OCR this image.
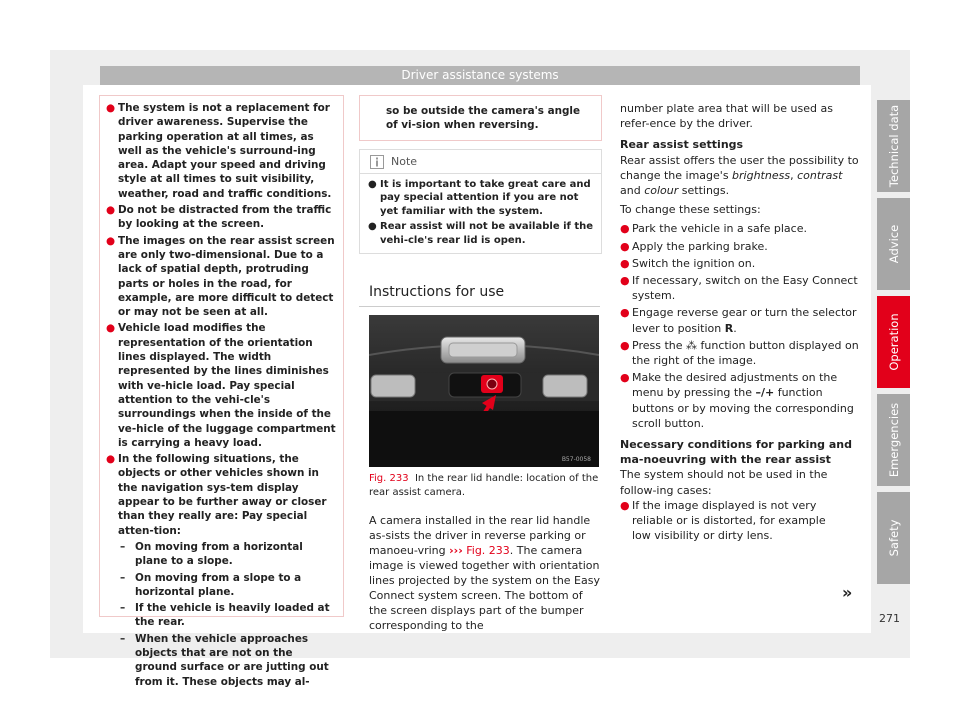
Driver assistance systems
● The system is not a replacement for driver awareness. Supervise the parking operation at all times, as well as the vehicle's surround-ing area. Adapt your speed and driving style at all times to suit visibility, weather, road and traffic conditions.
● Do not be distracted from the traffic by looking at the screen.
● The images on the rear assist screen are only two-dimensional. Due to a lack of spatial depth, protruding parts or holes in the road, for example, are more difficult to detect or may not be seen at all.
● Vehicle load modifies the representation of the orientation lines displayed. The width represented by the lines diminishes with ve-hicle load. Pay special attention to the vehi-cle's surroundings when the inside of the ve-hicle of the luggage compartment is carrying a heavy load.
● In the following situations, the objects or other vehicles shown in the navigation sys-tem display appear to be further away or closer than they really are: Pay special atten-tion:
– On moving from a horizontal plane to a slope.
– On moving from a slope to a horizontal plane.
– If the vehicle is heavily loaded at the rear.
– When the vehicle approaches objects that are not on the ground surface or are jutting out from it. These objects may al-
so be outside the camera's angle of vi-sion when reversing.
Note
● It is important to take great care and pay special attention if you are not yet familiar with the system.
● Rear assist will not be available if the vehi-cle's rear lid is open.
Instructions for use
B57-0058
Fig. 233 In the rear lid handle: location of the rear assist camera.
A camera installed in the rear lid handle as-sists the driver in reverse parking or manoeu-vring ››› Fig. 233. The camera image is viewed together with orientation lines projected by the system on the Easy Connect system screen. The bottom of the screen displays part of the bumper corresponding to the
number plate area that will be used as refer-ence by the driver.
Rear assist settings
Rear assist offers the user the possibility to change the image's brightness, contrast and colour settings.
To change these settings:
● Park the vehicle in a safe place.
● Apply the parking brake.
● Switch the ignition on.
● If necessary, switch on the Easy Connect system.
● Engage reverse gear or turn the selector lever to position R.
● Press the ⁂ function button displayed on the right of the image.
● Make the desired adjustments on the menu by pressing the –/+ function buttons or by moving the corresponding scroll button.
Necessary conditions for parking and ma-noeuvring with the rear assist
The system should not be used in the follow-ing cases:
● If the image displayed is not very reliable or is distorted, for example low visibility or dirty lens.
»
Technical data
Advice
Operation
Emergencies
Safety
271
